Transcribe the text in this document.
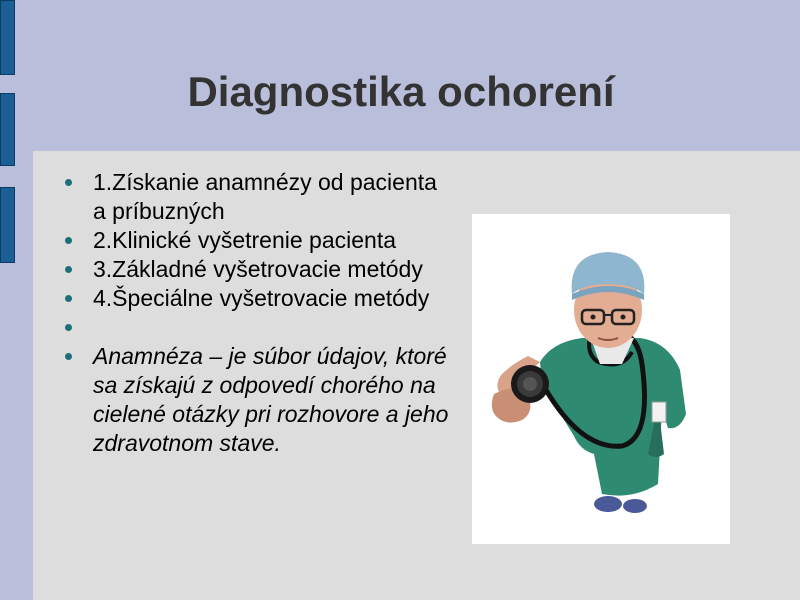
Diagnostika ochorení
1.Získanie anamnézy od pacienta a príbuzných
2.Klinické vyšetrenie pacienta
3.Základné vyšetrovacie metódy
4.Špeciálne vyšetrovacie metódy
Anamnéza – je súbor údajov, ktoré sa získajú z odpovedí chorého na cielené otázky pri rozhovore a jeho zdravotnom stave.
